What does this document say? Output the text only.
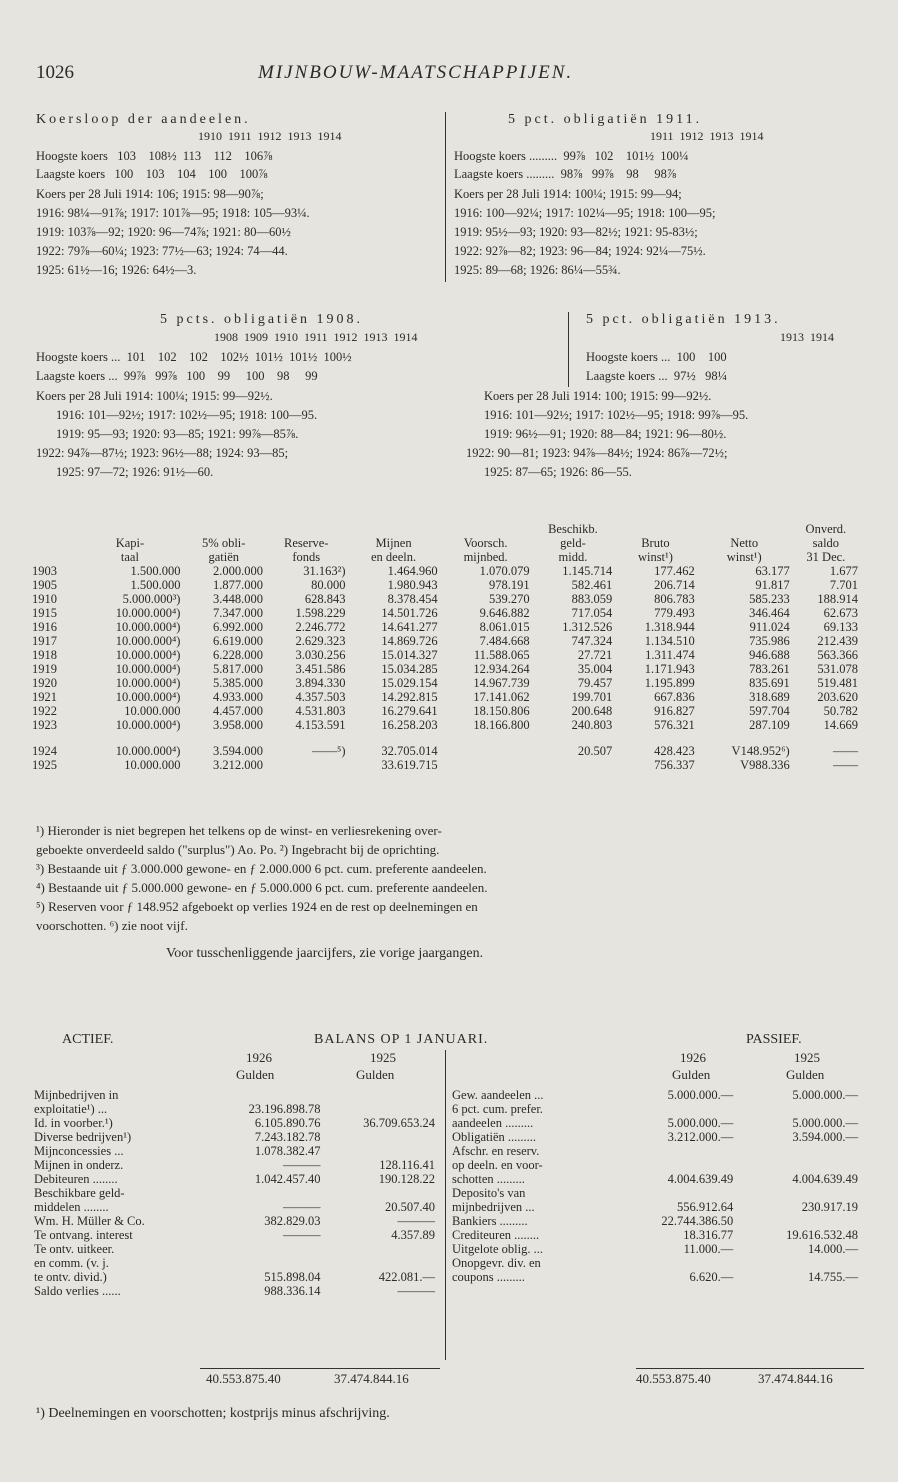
1026	MIJNBOUW-MAATSCHAPPIJEN.
Koersloop der aandeelen.
1910  1911  1912  1913  1914
Hoogste koers   103    108½  113    112    106⅞
Laagste koers   100    103    104    100    100⅞
Koers per 28 Juli 1914: 106; 1915: 98—90⅞;
1916: 98¼—91⅞; 1917: 101⅞—95; 1918: 105—93¼.
1919: 103⅞—92; 1920: 96—74⅞; 1921: 80—60½
1922: 79⅞—60¼; 1923: 77½—63; 1924: 74—44.
1925: 61½—16; 1926: 64½—3.
5 pct. obligatiën 1911.
1911  1912  1913  1914
Hoogste koers .........  99⅞   102    101½  100¼
Laagste koers .........  98⅞   99⅞    98     98⅞
Koers per 28 Juli 1914: 100¼; 1915: 99—94;
1916: 100—92¼; 1917: 102¼—95; 1918: 100—95;
1919: 95½—93; 1920: 93—82½; 1921: 95-83½;
1922: 92⅞—82; 1923: 96—84; 1924: 92¼—75½.
1925: 89—68; 1926: 86¼—55¾.
5 pcts. obligatiën 1908.
1908  1909  1910  1911  1912  1913  1914
Hoogste koers ...  101    102    102    102½  101½  101½  100½
Laagste koers ...  99⅞   99⅞   100    99     100    98     99
Koers per 28 Juli 1914: 100¼; 1915: 99—92½.
1916: 101—92½; 1917: 102½—95; 1918: 100—95.
1919: 95—93; 1920: 93—85; 1921: 99⅞—85⅞.
1922: 94⅞—87½; 1923: 96½—88; 1924: 93—85;
1925: 97—72; 1926: 91½—60.
5 pct. obligatiën 1913.
1913  1914
Hoogste koers ...  100    100
Laagste koers ...  97½   98¼
Koers per 28 Juli 1914: 100; 1915: 99—92½.
1916: 101—92½; 1917: 102½—95; 1918: 99⅞—95.
1919: 96½—91; 1920: 88—84; 1921: 96—80½.
1922: 90—81; 1923: 94⅞—84½; 1924: 86⅞—72½;
1925: 87—65; 1926: 86—55.
						Beschikb.			Onverd.
	Kapi-	5% obli-	Reserve-	Mijnen	Voorsch.	geld-	Bruto	Netto	saldo
	taal	gatiën	fonds	en deeln.	mijnbed.	midd.	winst¹)	winst¹)	31 Dec.
1903	1.500.000	2.000.000	31.163²)	1.464.960	1.070.079	1.145.714	177.462	63.177	1.677
1905	1.500.000	1.877.000	80.000	1.980.943	978.191	582.461	206.714	91.817	7.701
1910	5.000.000³)	3.448.000	628.843	8.378.454	539.270	883.059	806.783	585.233	188.914
1915	10.000.000⁴)	7.347.000	1.598.229	14.501.726	9.646.882	717.054	779.493	346.464	62.673
1916	10.000.000⁴)	6.992.000	2.246.772	14.641.277	8.061.015	1.312.526	1.318.944	911.024	69.133
1917	10.000.000⁴)	6.619.000	2.629.323	14.869.726	7.484.668	747.324	1.134.510	735.986	212.439
1918	10.000.000⁴)	6.228.000	3.030.256	15.014.327	11.588.065	27.721	1.311.474	946.688	563.366
1919	10.000.000⁴)	5.817.000	3.451.586	15.034.285	12.934.264	35.004	1.171.943	783.261	531.078
1920	10.000.000⁴)	5.385.000	3.894.330	15.029.154	14.967.739	79.457	1.195.899	835.691	519.481
1921	10.000.000⁴)	4.933.000	4.357.503	14.292.815	17.141.062	199.701	667.836	318.689	203.620
1922	10.000.000	4.457.000	4.531.803	16.279.641	18.150.806	200.648	916.827	597.704	50.782
1923	10.000.000⁴)	3.958.000	4.153.591	16.258.203	18.166.800	240.803	576.321	287.109	14.669
1924	10.000.000⁴)	3.594.000	——⁵)	32.705.014		20.507	428.423	V148.952⁶)	——
1925	10.000.000	3.212.000		33.619.715			756.337	V988.336	——
¹) Hieronder is niet begrepen het telkens op de winst- en verliesrekening over-
geboekte onverdeeld saldo ("surplus") Ao. Po. ²) Ingebracht bij de oprichting.
³) Bestaande uit ƒ 3.000.000 gewone- en ƒ 2.000.000 6 pct. cum. preferente aandeelen.
⁴) Bestaande uit ƒ 5.000.000 gewone- en ƒ 5.000.000 6 pct. cum. preferente aandeelen.
⁵) Reserven voor ƒ 148.952 afgeboekt op verlies 1924 en de rest op deelnemingen en
voorschotten. ⁶) zie noot vijf.
Voor tusschenliggende jaarcijfers, zie vorige jaargangen.
ACTIEF.	BALANS OP 1 JANUARI.	PASSIEF.
1926	1925
Gulden	Gulden
1926	1925
Gulden	Gulden
Mijnbedrijven in		
exploitatie¹) ...	23.196.898.78	
Id. in voorber.¹)	6.105.890.76	36.709.653.24
Diverse bedrijven¹)	7.243.182.78	
Mijnconcessies ...	1.078.382.47	
Mijnen in onderz.	———	128.116.41
Debiteuren ........	1.042.457.40	190.128.22
Beschikbare geld-		
middelen ........	———	20.507.40
Wm. H. Müller & Co.	382.829.03	———
Te ontvang. interest	———	4.357.89
Te ontv. uitkeer.		
en comm. (v. j.		
te ontv. divid.)	515.898.04	422.081.—
Saldo verlies ......	988.336.14	———
Gew. aandeelen ...	5.000.000.—	5.000.000.—
6 pct. cum. prefer.		
aandeelen .........	5.000.000.—	5.000.000.—
Obligatiën .........	3.212.000.—	3.594.000.—
Afschr. en reserv.		
op deeln. en voor-		
schotten .........	4.004.639.49	4.004.639.49
Deposito's van		
mijnbedrijven ...	556.912.64	230.917.19
Bankiers .........	22.744.386.50	
Crediteuren ........	18.316.77	19.616.532.48
Uitgelote oblig. ...	11.000.—	14.000.—
Onopgevr. div. en		
coupons .........	6.620.—	14.755.—
40.553.875.40	37.474.844.16	40.553.875.40	37.474.844.16
¹) Deelnemingen en voorschotten; kostprijs minus afschrijving.
